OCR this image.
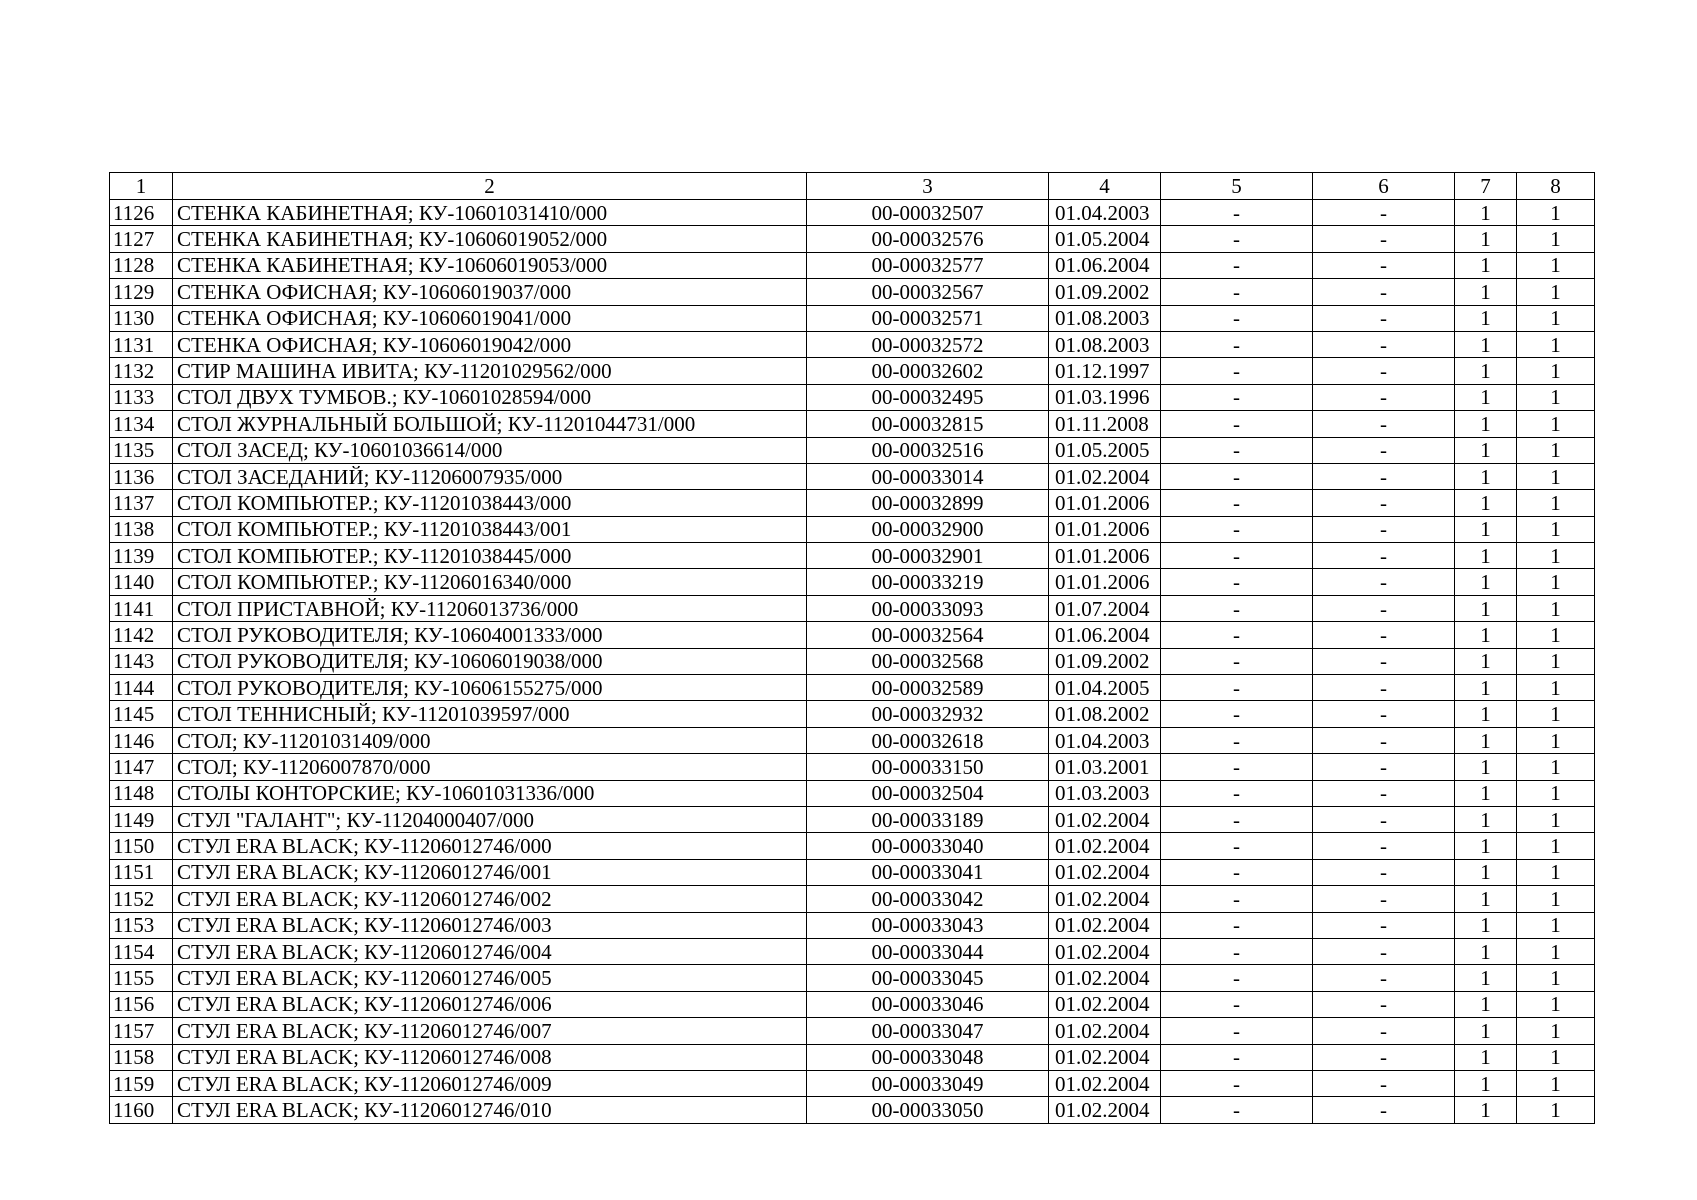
1	2	3	4	5	6	7	8
1126	СТЕНКА КАБИНЕТНАЯ; КУ-10601031410/000	00-00032507	01.04.2003	-	-	1	1
1127	СТЕНКА КАБИНЕТНАЯ; КУ-10606019052/000	00-00032576	01.05.2004	-	-	1	1
1128	СТЕНКА КАБИНЕТНАЯ; КУ-10606019053/000	00-00032577	01.06.2004	-	-	1	1
1129	СТЕНКА ОФИСНАЯ; КУ-10606019037/000	00-00032567	01.09.2002	-	-	1	1
1130	СТЕНКА ОФИСНАЯ; КУ-10606019041/000	00-00032571	01.08.2003	-	-	1	1
1131	СТЕНКА ОФИСНАЯ; КУ-10606019042/000	00-00032572	01.08.2003	-	-	1	1
1132	СТИР МАШИНА ИВИТА; КУ-11201029562/000	00-00032602	01.12.1997	-	-	1	1
1133	СТОЛ ДВУХ ТУМБОВ.; КУ-10601028594/000	00-00032495	01.03.1996	-	-	1	1
1134	СТОЛ ЖУРНАЛЬНЫЙ БОЛЬШОЙ; КУ-11201044731/000	00-00032815	01.11.2008	-	-	1	1
1135	СТОЛ ЗАСЕД; КУ-10601036614/000	00-00032516	01.05.2005	-	-	1	1
1136	СТОЛ ЗАСЕДАНИЙ; КУ-11206007935/000	00-00033014	01.02.2004	-	-	1	1
1137	СТОЛ КОМПЬЮТЕР.; КУ-11201038443/000	00-00032899	01.01.2006	-	-	1	1
1138	СТОЛ КОМПЬЮТЕР.; КУ-11201038443/001	00-00032900	01.01.2006	-	-	1	1
1139	СТОЛ КОМПЬЮТЕР.; КУ-11201038445/000	00-00032901	01.01.2006	-	-	1	1
1140	СТОЛ КОМПЬЮТЕР.; КУ-11206016340/000	00-00033219	01.01.2006	-	-	1	1
1141	СТОЛ ПРИСТАВНОЙ; КУ-11206013736/000	00-00033093	01.07.2004	-	-	1	1
1142	СТОЛ РУКОВОДИТЕЛЯ; КУ-10604001333/000	00-00032564	01.06.2004	-	-	1	1
1143	СТОЛ РУКОВОДИТЕЛЯ; КУ-10606019038/000	00-00032568	01.09.2002	-	-	1	1
1144	СТОЛ РУКОВОДИТЕЛЯ; КУ-10606155275/000	00-00032589	01.04.2005	-	-	1	1
1145	СТОЛ ТЕННИСНЫЙ; КУ-11201039597/000	00-00032932	01.08.2002	-	-	1	1
1146	СТОЛ; КУ-11201031409/000	00-00032618	01.04.2003	-	-	1	1
1147	СТОЛ; КУ-11206007870/000	00-00033150	01.03.2001	-	-	1	1
1148	СТОЛЫ КОНТОРСКИЕ; КУ-10601031336/000	00-00032504	01.03.2003	-	-	1	1
1149	СТУЛ "ГАЛАНТ"; КУ-11204000407/000	00-00033189	01.02.2004	-	-	1	1
1150	СТУЛ ERA BLACK; КУ-11206012746/000	00-00033040	01.02.2004	-	-	1	1
1151	СТУЛ ERA BLACK; КУ-11206012746/001	00-00033041	01.02.2004	-	-	1	1
1152	СТУЛ ERA BLACK; КУ-11206012746/002	00-00033042	01.02.2004	-	-	1	1
1153	СТУЛ ERA BLACK; КУ-11206012746/003	00-00033043	01.02.2004	-	-	1	1
1154	СТУЛ ERA BLACK; КУ-11206012746/004	00-00033044	01.02.2004	-	-	1	1
1155	СТУЛ ERA BLACK; КУ-11206012746/005	00-00033045	01.02.2004	-	-	1	1
1156	СТУЛ ERA BLACK; КУ-11206012746/006	00-00033046	01.02.2004	-	-	1	1
1157	СТУЛ ERA BLACK; КУ-11206012746/007	00-00033047	01.02.2004	-	-	1	1
1158	СТУЛ ERA BLACK; КУ-11206012746/008	00-00033048	01.02.2004	-	-	1	1
1159	СТУЛ ERA BLACK; КУ-11206012746/009	00-00033049	01.02.2004	-	-	1	1
1160	СТУЛ ERA BLACK; КУ-11206012746/010	00-00033050	01.02.2004	-	-	1	1
